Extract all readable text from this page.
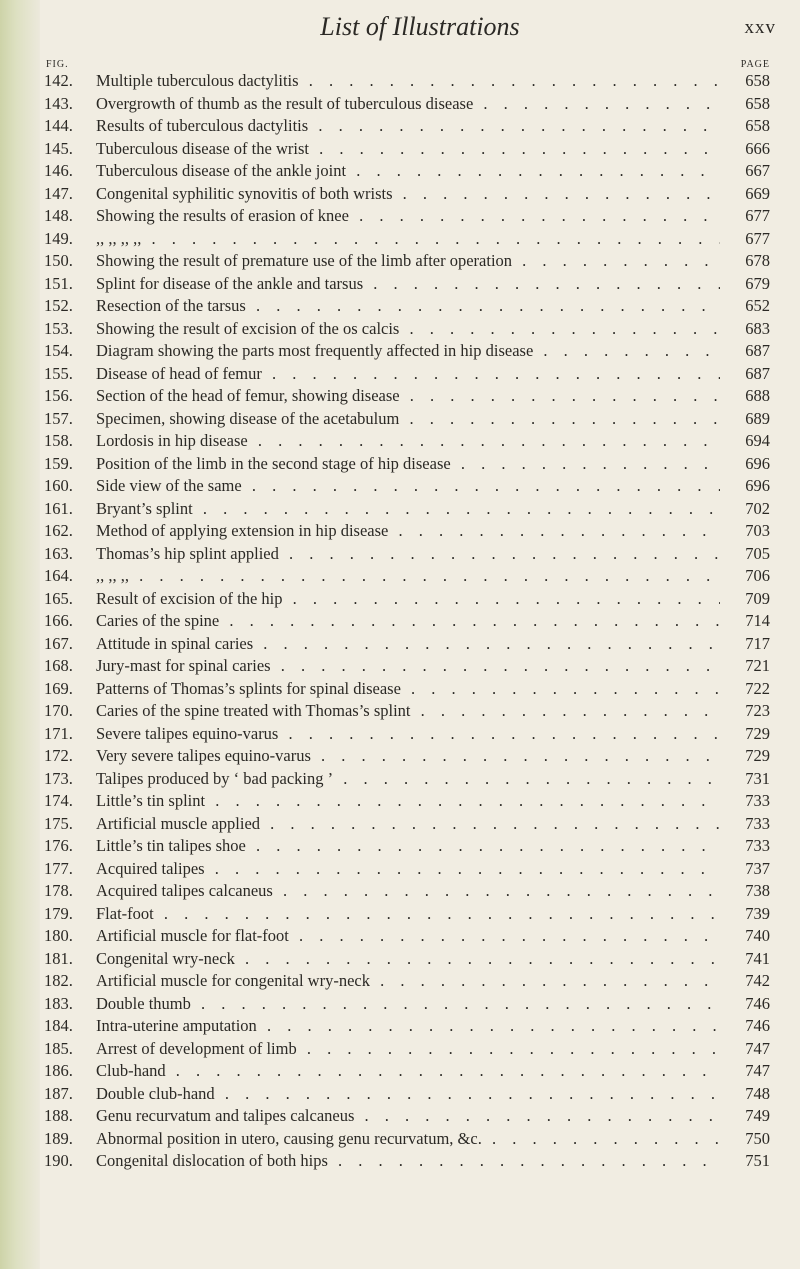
List of Illustrations	xxv
FIG.	PAGE
142.	Multiple tuberculous dactylitis . . .	658
143.	Overgrowth of thumb as the result of tuberculous disease . . .	658
144.	Results of tuberculous dactylitis . . .	658
145.	Tuberculous disease of the wrist . . .	666
146.	Tuberculous disease of the ankle joint . . .	667
147.	Congenital syphilitic synovitis of both wrists . . .	669
148.	Showing the results of erasion of knee . . .	677
149.	,, ,, ,, ,, . . .	677
150.	Showing the result of premature use of the limb after operation . . .	678
151.	Splint for disease of the ankle and tarsus . . .	679
152.	Resection of the tarsus . . .	652
153.	Showing the result of excision of the os calcis . . .	683
154.	Diagram showing the parts most frequently affected in hip disease . . .	687
155.	Disease of head of femur . . .	687
156.	Section of the head of femur, showing disease . . .	688
157.	Specimen, showing disease of the acetabulum . . .	689
158.	Lordosis in hip disease . . .	694
159.	Position of the limb in the second stage of hip disease . . .	696
160.	Side view of the same . . .	696
161.	Bryant’s splint . . .	702
162.	Method of applying extension in hip disease . . .	703
163.	Thomas’s hip splint applied . . .	705
164.	,, ,, ,, . . .	706
165.	Result of excision of the hip . . .	709
166.	Caries of the spine . . .	714
167.	Attitude in spinal caries . . .	717
168.	Jury-mast for spinal caries . . .	721
169.	Patterns of Thomas’s splints for spinal disease . . .	722
170.	Caries of the spine treated with Thomas’s splint . . .	723
171.	Severe talipes equino-varus . . .	729
172.	Very severe talipes equino-varus . . .	729
173.	Talipes produced by ‘ bad packing ’ . . .	731
174.	Little’s tin splint . . .	733
175.	Artificial muscle applied . . .	733
176.	Little’s tin talipes shoe . . .	733
177.	Acquired talipes . . .	737
178.	Acquired talipes calcaneus . . .	738
179.	Flat-foot . . .	739
180.	Artificial muscle for flat-foot . . .	740
181.	Congenital wry-neck . . .	741
182.	Artificial muscle for congenital wry-neck . . .	742
183.	Double thumb . . .	746
184.	Intra-uterine amputation . . .	746
185.	Arrest of development of limb . . .	747
186.	Club-hand . . .	747
187.	Double club-hand . . .	748
188.	Genu recurvatum and talipes calcaneus . . .	749
189.	Abnormal position in utero, causing genu recurvatum, &c. . . .	750
190.	Congenital dislocation of both hips . . .	751
